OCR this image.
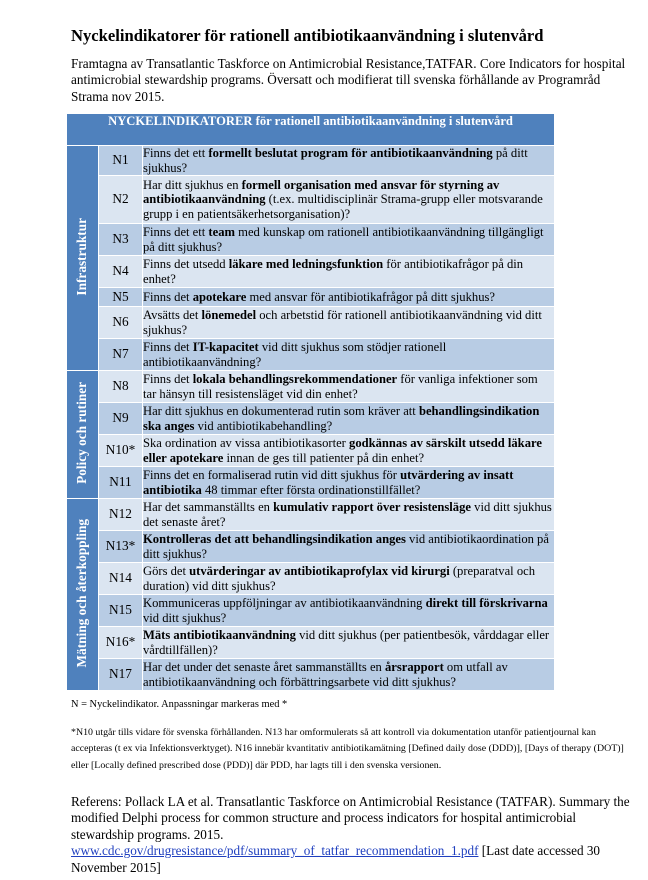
Nyckelindikatorer för rationell antibiotikaanvändning i slutenvård
Framtagna av Transatlantic Taskforce on Antimicrobial Resistance,TATFAR. Core Indicators for hospital antimicrobial stewardship programs. Översatt och modifierat till svenska förhållande av Programråd Strama nov 2015.
NYCKELINDIKATORER för rationell antibiotikaanvändning i slutenvård		
Infrastruktur	N1	Finns det ett formellt beslutat program för antibiotikaanvändning på ditt sjukhus?
	N2	Har ditt sjukhus en formell organisation med ansvar för styrning av antibiotikaanvändning (t.ex. multidisciplinär Strama-grupp eller motsvarande grupp i en patientsäkerhetsorganisation)?
	N3	Finns det ett team med kunskap om rationell antibiotikaanvändning tillgängligt på ditt sjukhus?
	N4	Finns det utsedd läkare med ledningsfunktion för antibiotikafrågor på din enhet?
	N5	Finns det apotekare med ansvar för antibiotikafrågor på ditt sjukhus?
	N6	Avsätts det lönemedel och arbetstid för rationell antibiotikaanvändning vid ditt sjukhus?
	N7	Finns det IT-kapacitet vid ditt sjukhus som stödjer rationell antibiotikaanvändning?
Policy och rutiner	N8	Finns det lokala behandlingsrekommendationer för vanliga infektioner som tar hänsyn till resistensläget vid din enhet?
	N9	Har ditt sjukhus en dokumenterad rutin som kräver att behandlingsindikation ska anges vid antibiotikabehandling?
	N10*	Ska ordination av vissa antibiotikasorter godkännas av särskilt utsedd läkare eller apotekare innan de ges till patienter på din enhet?
	N11	Finns det en formaliserad rutin vid ditt sjukhus för utvärdering av insatt antibiotika 48 timmar efter första ordinationstillfället?
Mätning och återkoppling	N12	Har det sammanställts en kumulativ rapport över resistensläge vid ditt sjukhus det senaste året?
	N13*	Kontrolleras det att behandlingsindikation anges vid antibiotikaordination på ditt sjukhus?
	N14	Görs det utvärderingar av antibiotikaprofylax vid kirurgi (preparatval och duration) vid ditt sjukhus?
	N15	Kommuniceras uppföljningar av antibiotikaanvändning direkt till förskrivarna vid ditt sjukhus?
	N16*	Mäts antibiotikaanvändning vid ditt sjukhus (per patientbesök, vårddagar eller vårdtillfällen)?
	N17	Har det under det senaste året sammanställts en årsrapport om utfall av antibiotikaanvändning och förbättringsarbete vid ditt sjukhus?
N = Nyckelindikator. Anpassningar markeras med *
*N10 utgår tills vidare för svenska förhållanden. N13 har omformulerats så att kontroll via dokumentation utanför patientjournal kan accepteras (t ex via Infektionsverktyget). N16 innebär kvantitativ antibiotikamätning [Defined daily dose (DDD)], [Days of therapy (DOT)] eller [Locally defined prescribed dose (PDD)] där PDD, har lagts till i den svenska versionen.
Referens: Pollack LA et al. Transatlantic Taskforce on Antimicrobial Resistance (TATFAR). Summary the modified Delphi process for common structure and process indicators for hospital antimicrobial stewardship programs. 2015. www.cdc.gov/drugresistance/pdf/summary_of_tatfar_recommendation_1.pdf [Last date accessed 30 November 2015]
